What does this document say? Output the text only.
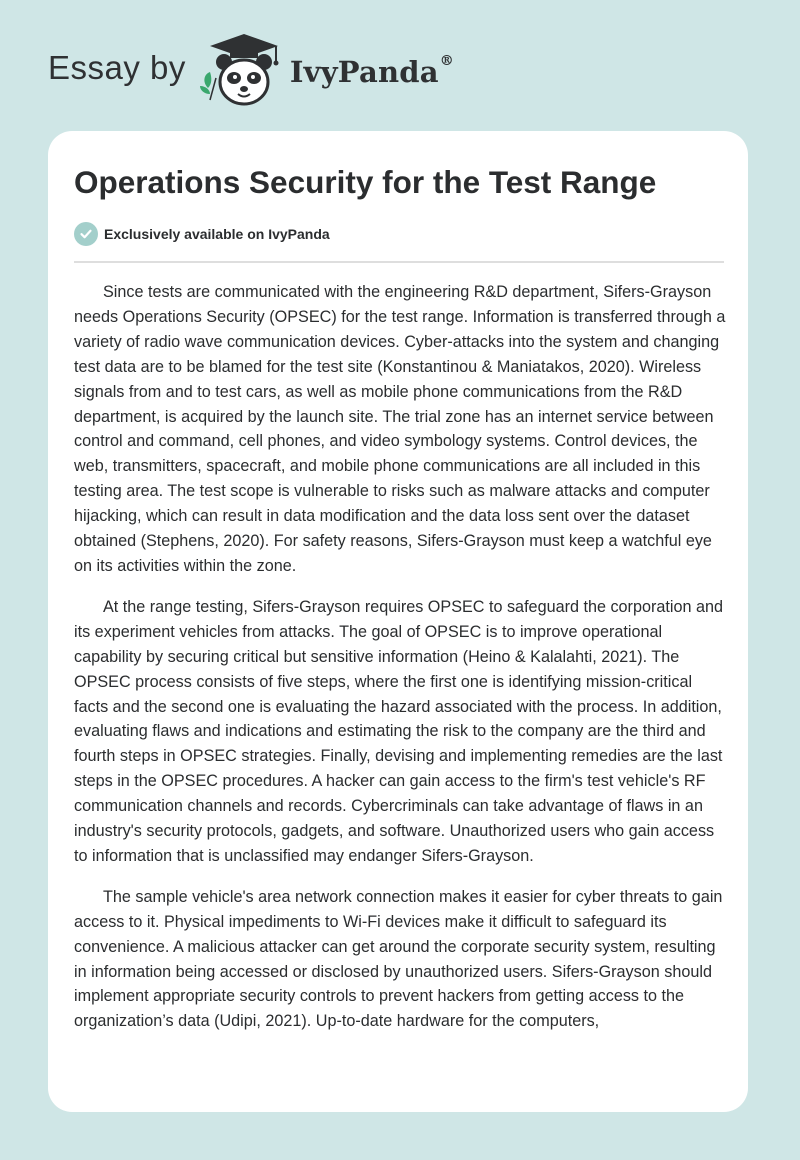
Essay by	IvyPanda®
Operations Security for the Test Range
Exclusively available on IvyPanda

Since tests are communicated with the engineering R&D department, Sifers-Grayson needs Operations Security (OPSEC) for the test range. Information is transferred through a variety of radio wave communication devices. Cyber-attacks into the system and changing test data are to be blamed for the test site (Konstantinou & Maniatakos, 2020). Wireless signals from and to test cars, as well as mobile phone communications from the R&D department, is acquired by the launch site. The trial zone has an internet service between control and command, cell phones, and video symbology systems. Control devices, the web, transmitters, spacecraft, and mobile phone communications are all included in this testing area. The test scope is vulnerable to risks such as malware attacks and computer hijacking, which can result in data modification and the data loss sent over the dataset obtained (Stephens, 2020). For safety reasons, Sifers-Grayson must keep a watchful eye on its activities within the zone.

At the range testing, Sifers-Grayson requires OPSEC to safeguard the corporation and its experiment vehicles from attacks. The goal of OPSEC is to improve operational capability by securing critical but sensitive information (Heino & Kalalahti, 2021). The OPSEC process consists of five steps, where the first one is identifying mission-critical facts and the second one is evaluating the hazard associated with the process. In addition, evaluating flaws and indications and estimating the risk to the company are the third and fourth steps in OPSEC strategies. Finally, devising and implementing remedies are the last steps in the OPSEC procedures. A hacker can gain access to the firm's test vehicle's RF communication channels and records. Cybercriminals can take advantage of flaws in an industry's security protocols, gadgets, and software. Unauthorized users who gain access to information that is unclassified may endanger Sifers-Grayson.

The sample vehicle's area network connection makes it easier for cyber threats to gain access to it. Physical impediments to Wi-Fi devices make it difficult to safeguard its convenience. A malicious attacker can get around the corporate security system, resulting in information being accessed or disclosed by unauthorized users. Sifers-Grayson should implement appropriate security controls to prevent hackers from getting access to the organization’s data (Udipi, 2021). Up-to-date hardware for the computers,
